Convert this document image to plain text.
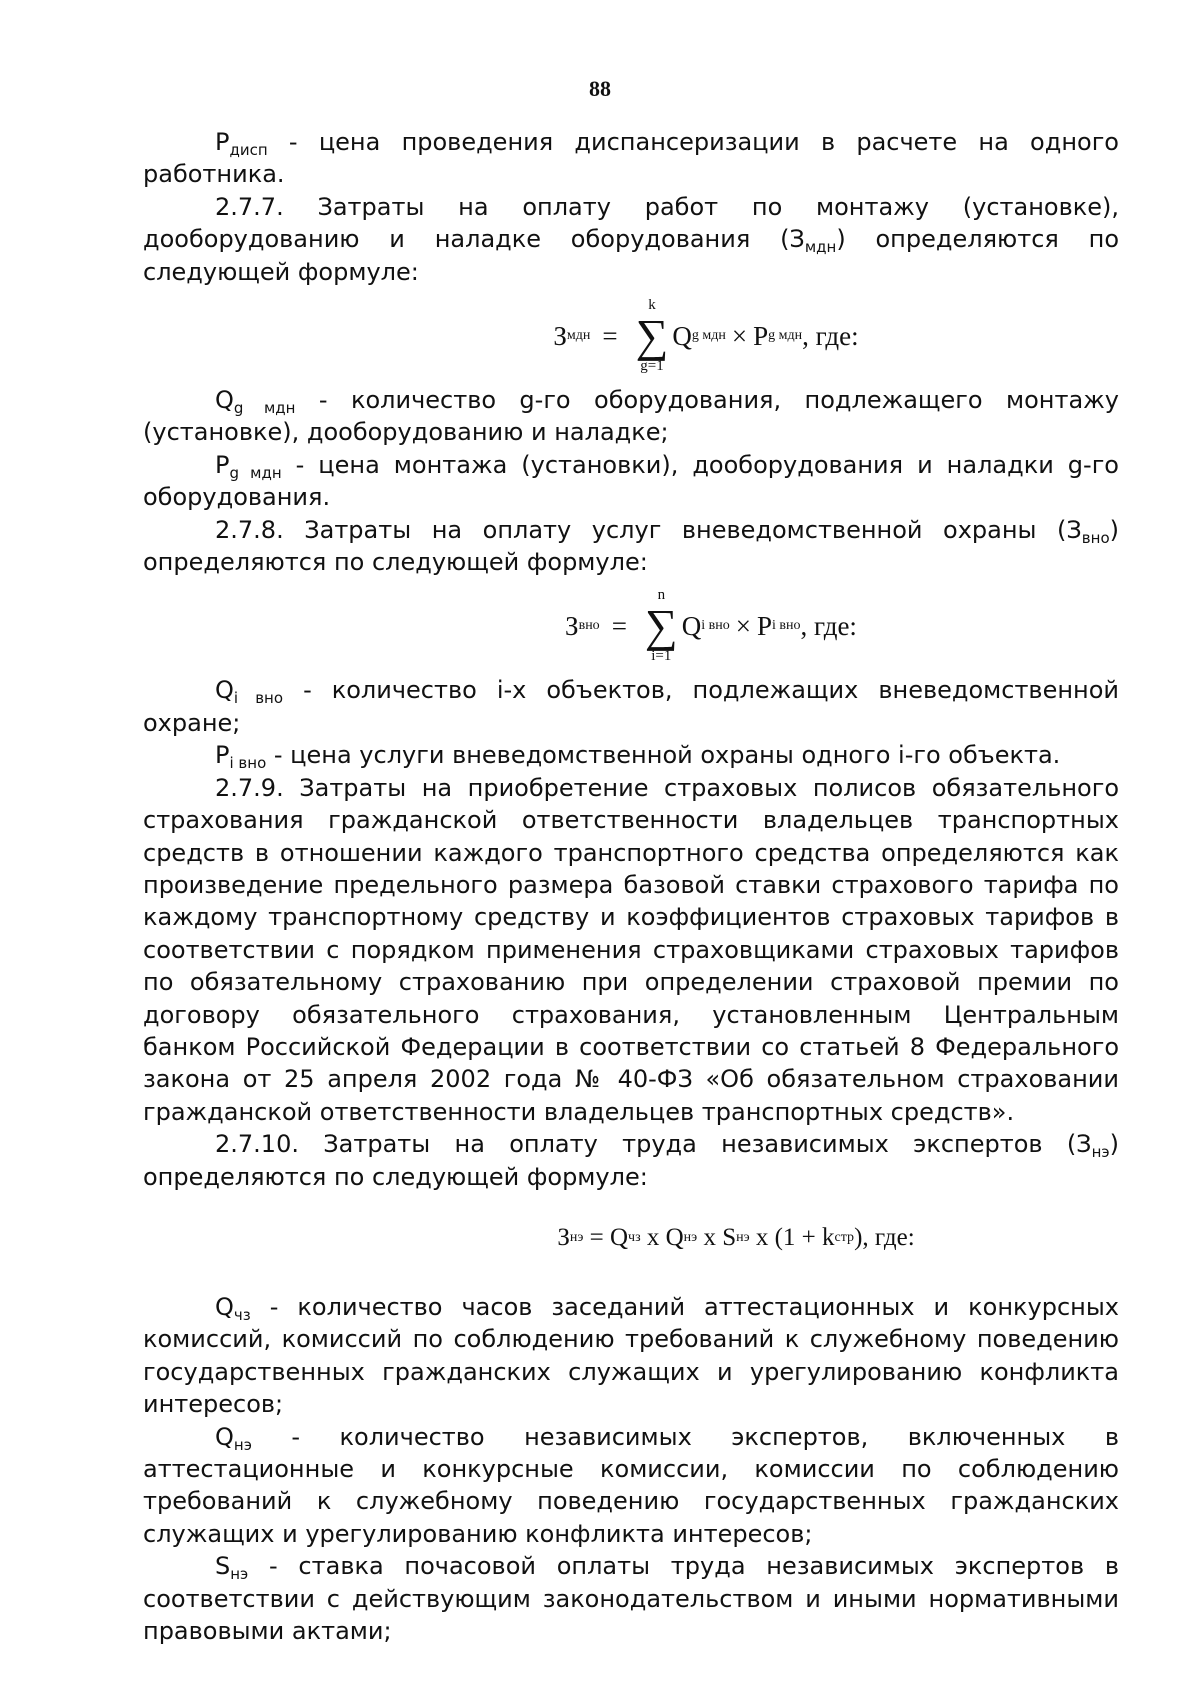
88

$P_{дисп}$ - цена проведения диспансеризации в расчете на одного работника.

2.7.7. Затраты на оплату работ по монтажу (установке), дооборудованию и наладке оборудования $(З_{мдн})$ определяются по следующей формуле:

З мдн =
k
∑
g=1
Q g мдн × P g мдн , где:

$Q_{g мдн}$ - количество g-го оборудования, подлежащего монтажу (установке), дооборудованию и наладке;

$P_{g мдн}$ - цена монтажа (установки), дооборудования и наладки g-го оборудования.

2.7.8. Затраты на оплату услуг вневедомственной охраны $(З_{вно})$ определяются по следующей формуле:

З вно =
n
∑
i=1
Q i вно × P i вно , где:

$Q_{i вно}$ - количество i-х объектов, подлежащих вневедомственной охране;

$P_{i вно}$ - цена услуги вневедомственной охраны одного i-го объекта.

2.7.9. Затраты на приобретение страховых полисов обязательного страхования гражданской ответственности владельцев транспортных средств в отношении каждого транспортного средства определяются как произведение предельного размера базовой ставки страхового тарифа по каждому транспортному средству и коэффициентов страховых тарифов в соответствии с порядком применения страховщиками страховых тарифов по обязательному страхованию при определении страховой премии по договору обязательного страхования, установленным Центральным банком Российской Федерации в соответствии со статьей 8 Федерального закона от 25 апреля 2002 года № 40-ФЗ «Об обязательном страховании гражданской ответственности владельцев транспортных средств».

2.7.10. Затраты на оплату труда независимых экспертов $(З_{нэ})$ определяются по следующей формуле:

З нэ = Q чз x Q нэ x S нэ x (1 + k стр ), где:

$Q_{чз}$ - количество часов заседаний аттестационных и конкурсных комиссий, комиссий по соблюдению требований к служебному поведению государственных гражданских служащих и урегулированию конфликта интересов;

$Q_{нэ}$ - количество независимых экспертов, включенных в аттестационные и конкурсные комиссии, комиссии по соблюдению требований к служебному поведению государственных гражданских служащих и урегулированию конфликта интересов;

$S_{нэ}$ - ставка почасовой оплаты труда независимых экспертов в соответствии с действующим законодательством и иными нормативными правовыми актами;
